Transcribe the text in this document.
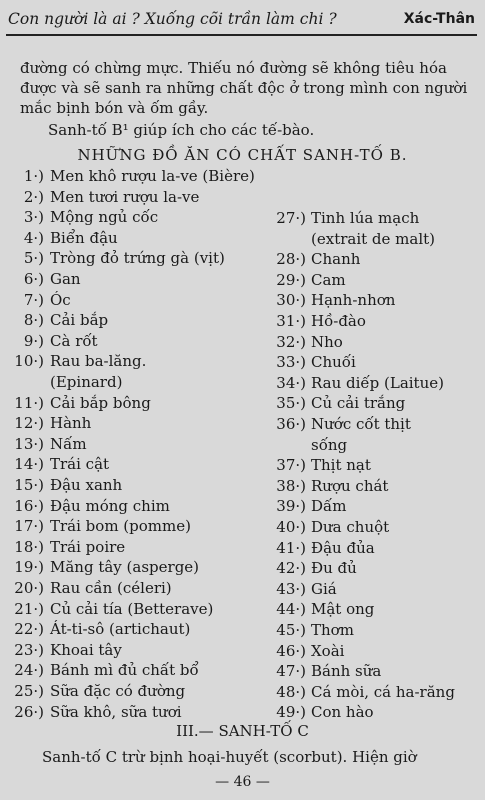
Con người là ai ? Xuống cõi trần làm chi ?	Xác-Thân
đường có chừng mực. Thiếu nó đường sẽ không tiêu hóa được và sẽ sanh ra những chất độc ở trong mình con người mắc bịnh bón và ốm gầy.
Sanh-tố B¹ giúp ích cho các tế-bào.
NHỮNG ĐỒ ĂN CÓ CHẤT SANH-TỐ B.
1·) Men khô rượu la-ve (Bière)
2·) Men tươi rượu la-ve
3·) Mộng ngủ cốc
4·) Biển đậu
5·) Tròng đỏ trứng gà (vịt)
6·) Gan
7·) Óc
8·) Cải bắp
9·) Cà rốt
10·) Rau ba-lăng.
(Epinard)
11·) Cải bắp bông
12·) Hành
13·) Nấm
14·) Trái cật
15·) Đậu xanh
16·) Đậu móng chim
17·) Trái bom (pomme)
18·) Trái poire
19·) Măng tây (asperge)
20·) Rau cần (céleri)
21·) Củ cải tía (Betterave)
22·) Át-ti-sô (artichaut)
23·) Khoai tây
24·) Bánh mì đủ chất bổ
25·) Sữa đặc có đường
26·) Sữa khô, sữa tươi
27·) Tinh lúa mạch
(extrait de malt)
28·) Chanh
29·) Cam
30·) Hạnh-nhơn
31·) Hồ-đào
32·) Nho
33·) Chuối
34·) Rau diếp (Laitue)
35·) Củ cải trắng
36·) Nước cốt thịt
sống
37·) Thịt nạt
38·) Rượu chát
39·) Dấm
40·) Dưa chuột
41·) Đậu đủa
42·) Đu đủ
43·) Giá
44·) Mật ong
45·) Thơm
46·) Xoài
47·) Bánh sữa
48·) Cá mòi, cá ha-răng
49·) Con hào
III.— SANH-TỐ C
Sanh-tố C trừ bịnh hoại-huyết (scorbut). Hiện giờ
— 46 —
